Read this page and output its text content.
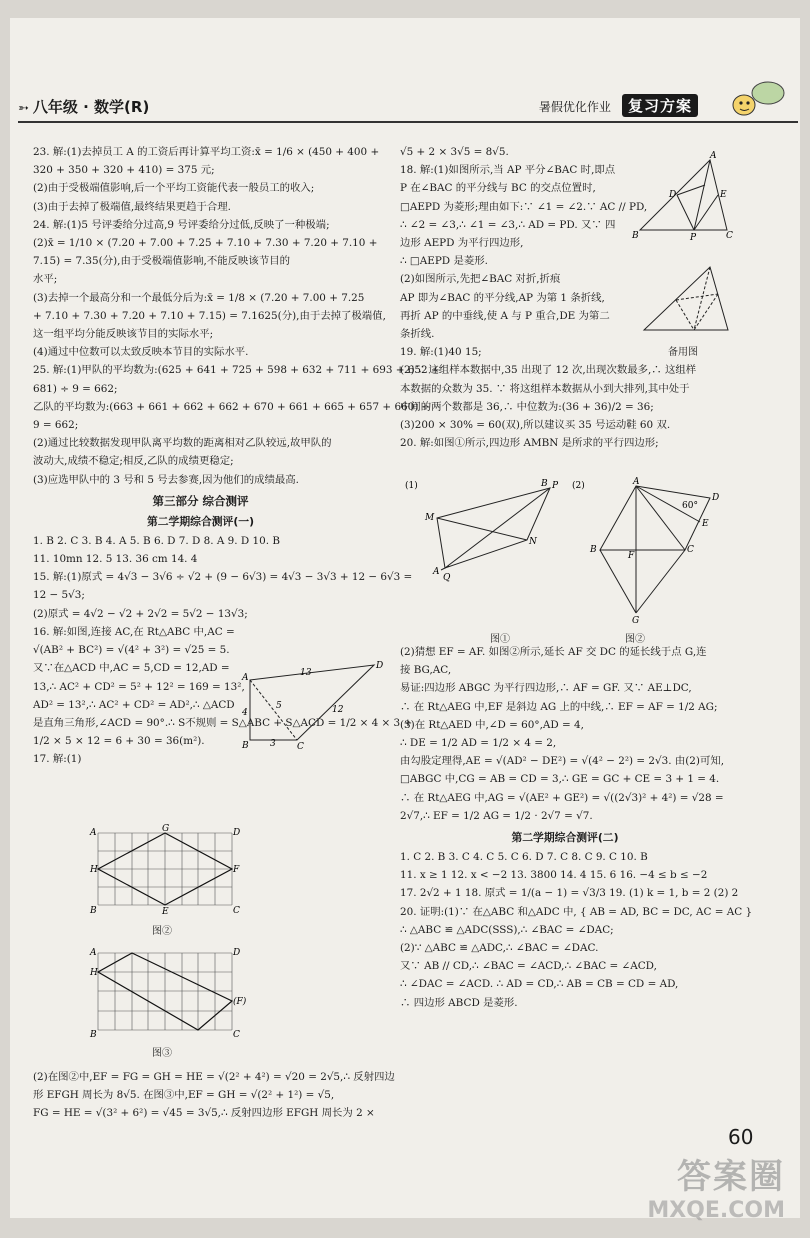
➳ 八年级 · 数学(R)	暑假优化作业 复习方案
23. 解:(1)去掉员工 A 的工资后再计算平均工资:x̄ = 1/6 × (450 + 400 +
320 + 350 + 320 + 410) = 375 元;
(2)由于受极端值影响,后一个平均工资能代表一般员工的收入;
(3)由于去掉了极端值,最终结果更趋于合理.
24. 解:(1)5 号评委给分过高,9 号评委给分过低,反映了一种极端;
(2)x̄ = 1/10 × (7.20 + 7.00 + 7.25 + 7.10 + 7.30 + 7.20 + 7.10 +
7.15) = 7.35(分),由于受极端值影响,不能反映该节目的
水平;
(3)去掉一个最高分和一个最低分后为:x̄ = 1/8 × (7.20 + 7.00 + 7.25
+ 7.10 + 7.30 + 7.20 + 7.10 + 7.15) = 7.1625(分),由于去掉了极端值,
这一组平均分能反映该节目的实际水平;
(4)通过中位数可以太致反映本节目的实际水平.
25. 解:(1)甲队的平均数为:(625 + 641 + 725 + 598 + 632 + 711 + 693 + 652 +
681) ÷ 9 = 662;
乙队的平均数为:(663 + 661 + 662 + 662 + 670 + 661 + 665 + 657 + 660) ÷
9 = 662;
(2)通过比较数据发现甲队离平均数的距离相对乙队较远,故甲队的
波动大,成绩不稳定;相反,乙队的成绩更稳定;
(3)应选甲队中的 3 号和 5 号去参赛,因为他们的成绩最高.
第三部分 综合测评
第二学期综合测评(一)
1. B 2. C 3. B 4. A 5. B 6. D 7. D 8. A 9. D 10. B
11. 10mn 12. 5 13. 36 cm 14. 4
15. 解:(1)原式 = 4√3 − 3√6 ÷ √2 + (9 − 6√3) = 4√3 − 3√3 + 12 − 6√3 =
12 − 5√3;
(2)原式 = 4√2 − √2 + 2√2 = 5√2 − 13√3;
16. 解:如图,连接 AC,在 Rt△ABC 中,AC =
√(AB² + BC²) = √(4² + 3²) = √25 = 5.
又∵在△ACD 中,AC = 5,CD = 12,AD =
13,∴ AC² + CD² = 5² + 12² = 169 = 13²,
AD² = 13²,∴ AC² + CD² = AD²,∴ △ACD
是直角三角形,∠ACD = 90°.∴ S不规则 = S△ABC + S△ACD = 1/2 × 4 × 3 +
1/2 × 5 × 12 = 6 + 30 = 36(m²).
17. 解:(1)
A
D
B	C
12
13
3
4
5
A	G	D
H	F
B	E	C
图②
A	D
H
(F)
B	C
图③
(2)在图②中,EF = FG = GH = HE = √(2² + 4²) = √20 = 2√5,∴ 反射四边
形 EFGH 周长为 8√5. 在图③中,EF = GH = √(2² + 1²) = √5,
FG = HE = √(3² + 6²) = √45 = 3√5,∴ 反射四边形 EFGH 周长为 2 ×
√5 + 2 × 3√5 = 8√5.
18. 解:(1)如图所示,当 AP 平分∠BAC 时,即点
P 在∠BAC 的平分线与 BC 的交点位置时,
□AEPD 为菱形;理由如下:∵ ∠1 = ∠2.∵ AC // PD,
∴ ∠2 = ∠3,∴ ∠1 = ∠3,∴ AD = PD. 又∵ 四
边形 AEPD 为平行四边形,
∴ □AEPD 是菱形.
(2)如图所示,先把∠BAC 对折,折痕
AP 即为∠BAC 的平分线,AP 为第 1 条折线,
再折 AP 的中垂线,使 A 与 P 重合,DE 为第二
条折线.
19. 解:(1)40 15;
(2)∵ 这组样本数据中,35 出现了 12 次,出现次数最多,∴ 这组样
本数据的众数为 35. ∵ 将这组样本数据从小到大排列,其中处于
中间的两个数都是 36,∴ 中位数为:(36 + 36)/2 = 36;
(3)200 × 30% = 60(双),所以建议买 35 号运动鞋 60 双.
20. 解:如图①所示,四边形 AMBN 是所求的平行四边形;
A
B	C
P
E
D
备用图
(1)
M
P
B
N
A
Q
(2)	A
D
60°
B	C
E
F
G
图①	图②
(2)猜想 EF = AF. 如图②所示,延长 AF 交 DC 的延长线于点 G,连
接 BG,AC,
易证:四边形 ABGC 为平行四边形,∴ AF = GF. 又∵ AE⊥DC,
∴ 在 Rt△AEG 中,EF 是斜边 AG 上的中线,∴ EF = AF = 1/2 AG;
(3)在 Rt△AED 中,∠D = 60°,AD = 4,
∴ DE = 1/2 AD = 1/2 × 4 = 2,
由勾股定理得,AE = √(AD² − DE²) = √(4² − 2²) = 2√3. 由(2)可知,
□ABGC 中,CG = AB = CD = 3,∴ GE = GC + CE = 3 + 1 = 4.
∴ 在 Rt△AEG 中,AG = √(AE² + GE²) = √((2√3)² + 4²) = √28 =
2√7,∴ EF = 1/2 AG = 1/2 · 2√7 = √7.
第二学期综合测评(二)
1. C 2. B 3. C 4. C 5. C 6. D 7. C 8. C 9. C 10. B
11. x ≥ 1 12. x < −2 13. 3800 14. 4 15. 6 16. −4 ≤ b ≤ −2
17. 2√2 + 1 18. 原式 = 1/(a − 1) = √3/3 19. (1) k = 1, b = 2 (2) 2
20. 证明:(1)∵ 在△ABC 和△ADC 中, { AB = AD, BC = DC, AC = AC }
∴ △ABC ≌ △ADC(SSS),∴ ∠BAC = ∠DAC;
(2)∵ △ABC ≌ △ADC,∴ ∠BAC = ∠DAC.
又∵ AB // CD,∴ ∠BAC = ∠ACD,∴ ∠BAC = ∠ACD,
∴ ∠DAC = ∠ACD. ∴ AD = CD,∴ AB = CB = CD = AD,
∴ 四边形 ABCD 是菱形.
60
答案圈
MXQE.COM
